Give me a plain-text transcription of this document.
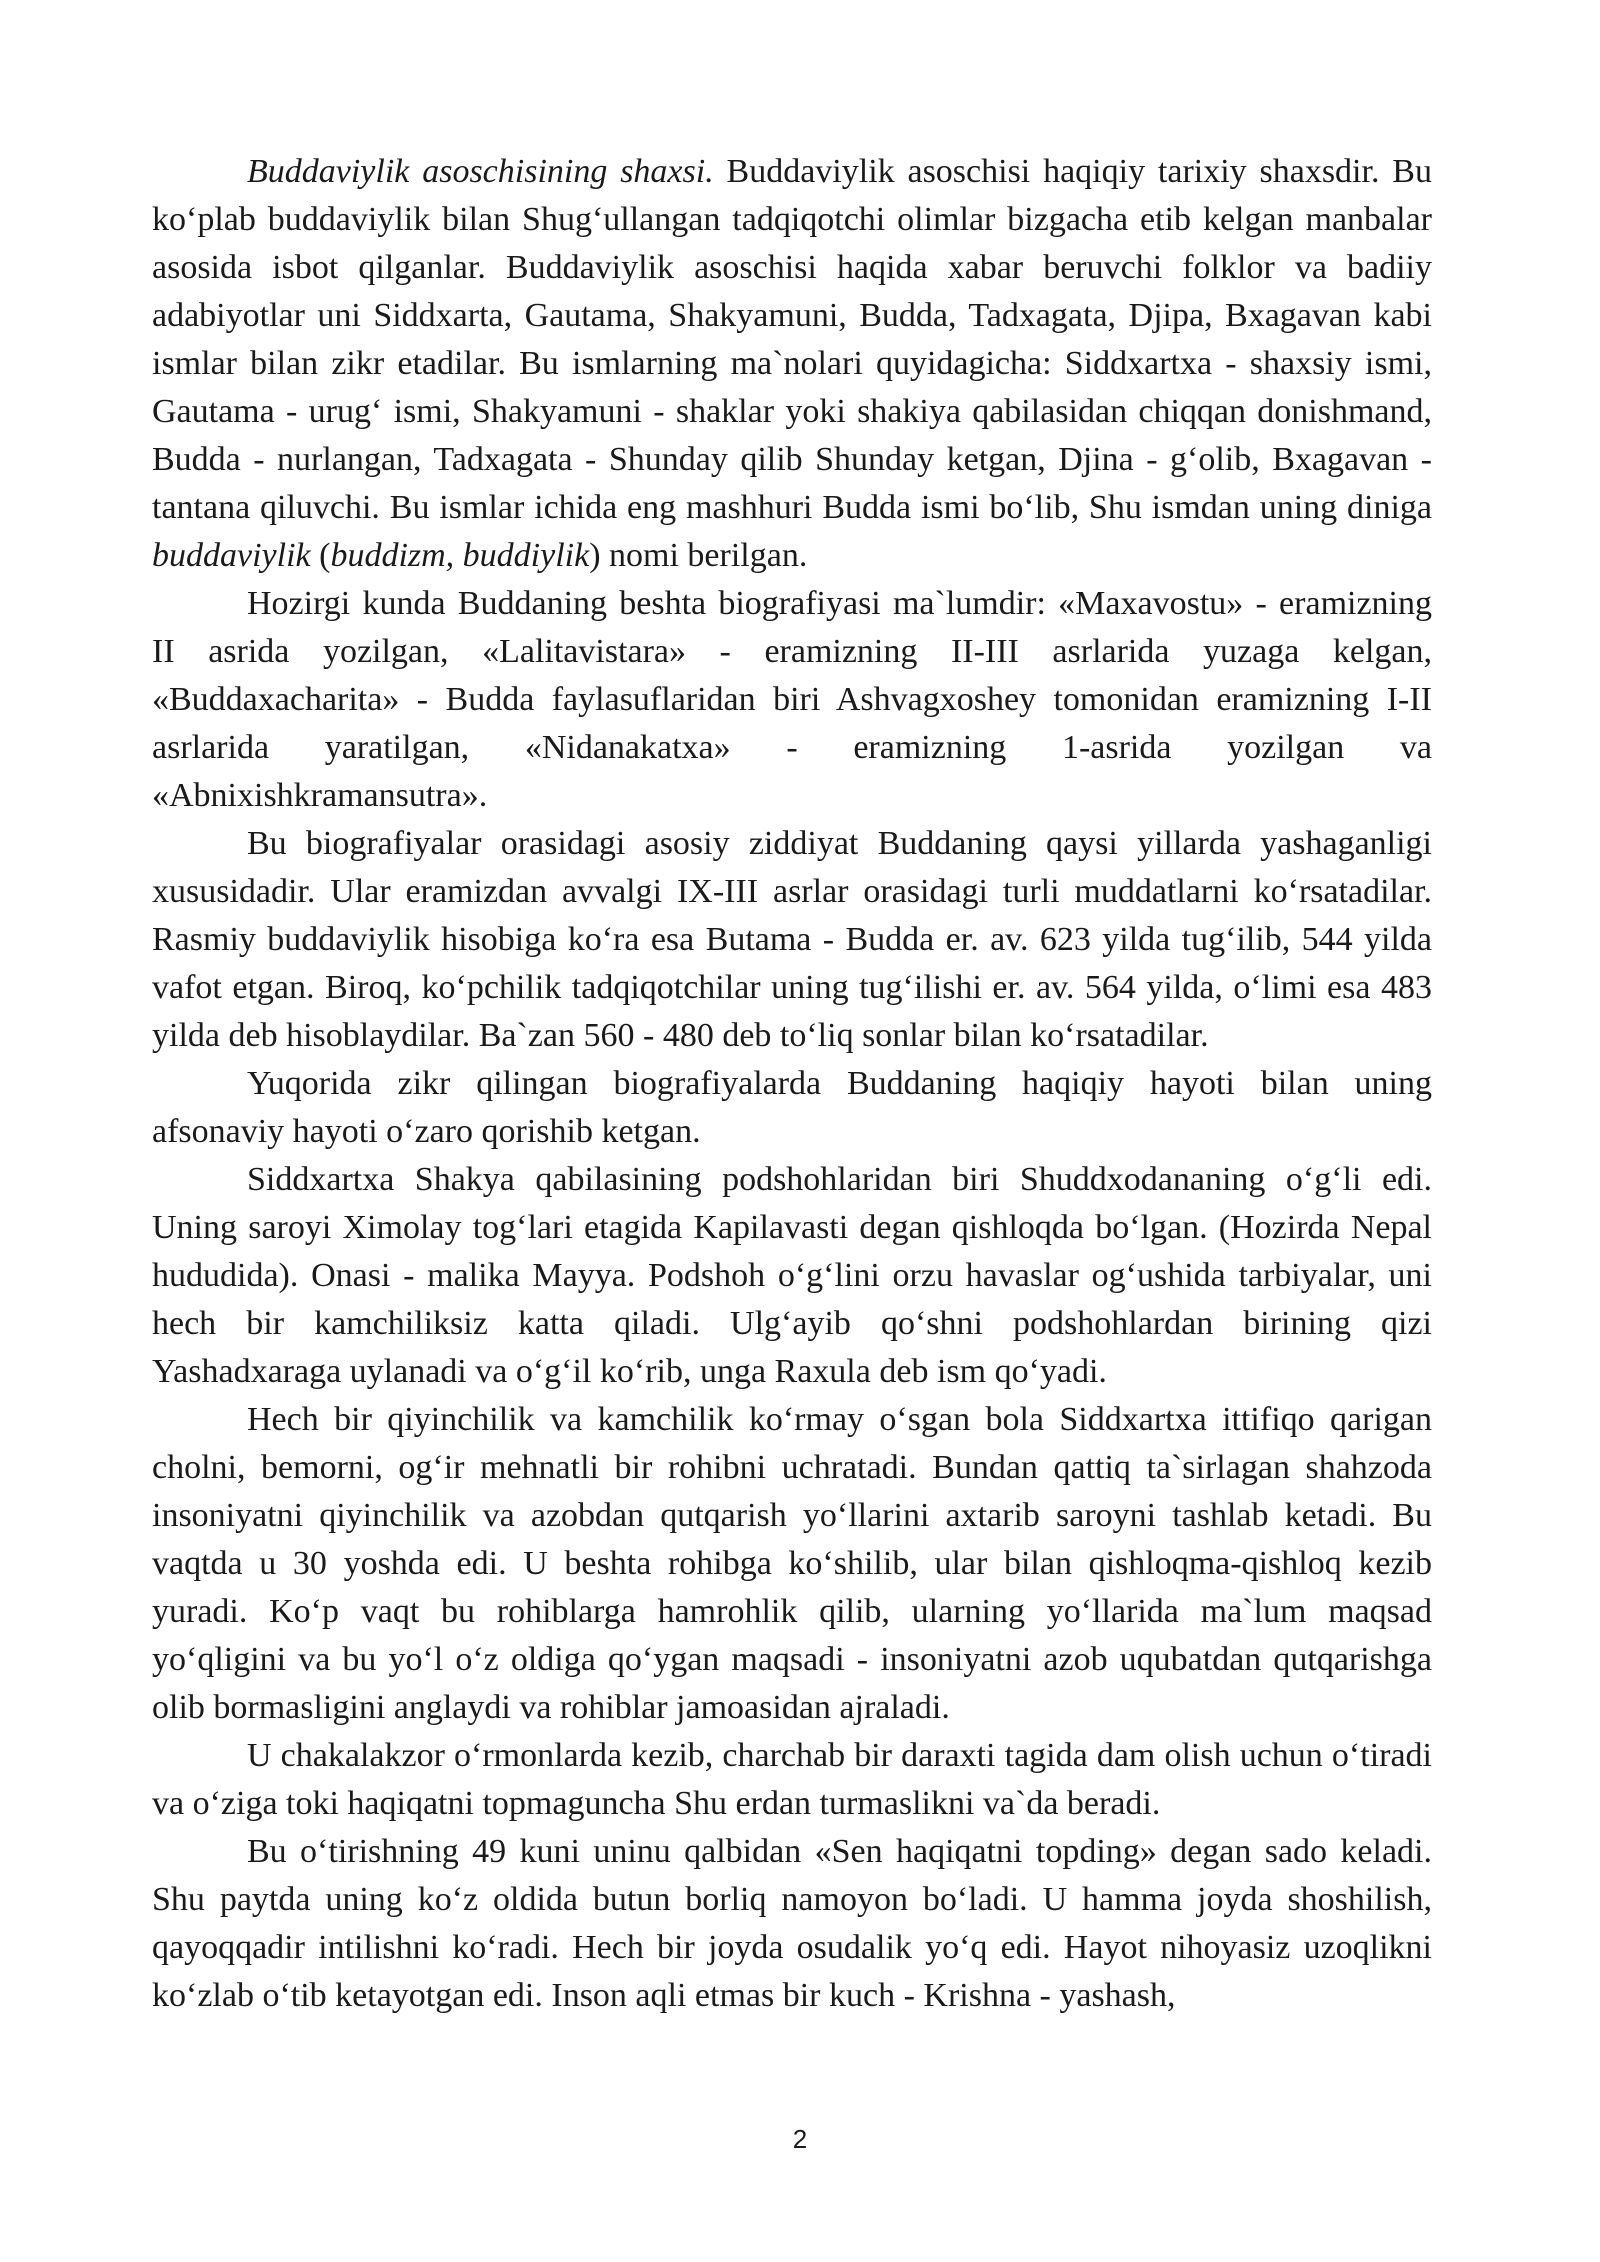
Buddaviylik asoschisining shaxsi. Buddaviylik asoschisi haqiqiy tarixiy shaxsdir. Bu ko‘plab buddaviylik bilan Shug‘ullangan tadqiqotchi olimlar bizgacha etib kelgan manbalar asosida isbot qilganlar. Buddaviylik asoschisi haqida xabar beruvchi folklor va badiiy adabiyotlar uni Siddxarta, Gautama, Shakyamuni, Budda, Tadxagata, Djipa, Bxagavan kabi ismlar bilan zikr etadilar. Bu ismlarning ma`nolari quyidagicha: Siddxartxa - shaxsiy ismi, Gautama - urug‘ ismi, Shakyamuni - shaklar yoki shakiya qabilasidan chiqqan donishmand, Budda - nurlangan, Tadxagata - Shunday qilib Shunday ketgan, Djina - g‘olib, Bxagavan - tantana qiluvchi. Bu ismlar ichida eng mashhuri Budda ismi bo‘lib, Shu ismdan uning diniga buddaviylik (buddizm, buddiylik) nomi berilgan.

Hozirgi kunda Buddaning beshta biografiyasi ma`lumdir: «Maxavostu» - eramizning II asrida yozilgan, «Lalitavistara» - eramizning II-III asrlarida yuzaga kelgan, «Buddaxacharita» - Budda faylasuflaridan biri Ashvagxoshey tomonidan eramizning I-II asrlarida yaratilgan, «Nidanakatxa» - eramizning 1-asrida yozilgan va «Abnixishkramansutra».

Bu biografiyalar orasidagi asosiy ziddiyat Buddaning qaysi yillarda yashaganligi xususidadir. Ular eramizdan avvalgi IX-III asrlar orasidagi turli muddatlarni ko‘rsatadilar. Rasmiy buddaviylik hisobiga ko‘ra esa Butama - Budda er. av. 623 yilda tug‘ilib, 544 yilda vafot etgan. Biroq, ko‘pchilik tadqiqotchilar uning tug‘ilishi er. av. 564 yilda, o‘limi esa 483 yilda deb hisoblaydilar. Ba`zan 560 - 480 deb to‘liq sonlar bilan ko‘rsatadilar.

Yuqorida zikr qilingan biografiyalarda Buddaning haqiqiy hayoti bilan uning afsonaviy hayoti o‘zaro qorishib ketgan.

Siddxartxa Shakya qabilasining podshohlaridan biri Shuddxodananing o‘g‘li edi. Uning saroyi Ximolay tog‘lari etagida Kapilavasti degan qishloqda bo‘lgan. (Hozirda Nepal hududida). Onasi - malika Mayya. Podshoh o‘g‘lini orzu havaslar og‘ushida tarbiyalar, uni hech bir kamchiliksiz katta qiladi. Ulg‘ayib qo‘shni podshohlardan birining qizi Yashadxaraga uylanadi va o‘g‘il ko‘rib, unga Raxula deb ism qo‘yadi.

Hech bir qiyinchilik va kamchilik ko‘rmay o‘sgan bola Siddxartxa ittifiqo qarigan cholni, bemorni, og‘ir mehnatli bir rohibni uchratadi. Bundan qattiq ta`sirlagan shahzoda insoniyatni qiyinchilik va azobdan qutqarish yo‘llarini axtarib saroyni tashlab ketadi. Bu vaqtda u 30 yoshda edi. U beshta rohibga ko‘shilib, ular bilan qishloqma-qishloq kezib yuradi. Ko‘p vaqt bu rohiblarga hamrohlik qilib, ularning yo‘llarida ma`lum maqsad yo‘qligini va bu yo‘l o‘z oldiga qo‘ygan maqsadi - insoniyatni azob uqubatdan qutqarishga olib bormasligini anglaydi va rohiblar jamoasidan ajraladi.

U chakalakzor o‘rmonlarda kezib, charchab bir daraxti tagida dam olish uchun o‘tiradi va o‘ziga toki haqiqatni topmaguncha Shu erdan turmaslikni va`da beradi.

Bu o‘tirishning 49 kuni uninu qalbidan «Sen haqiqatni topding» degan sado keladi. Shu paytda uning ko‘z oldida butun borliq namoyon bo‘ladi. U hamma joyda shoshilish, qayoqqadir intilishni ko‘radi. Hech bir joyda osudalik yo‘q edi. Hayot nihoyasiz uzoqlikni ko‘zlab o‘tib ketayotgan edi. Inson aqli etmas bir kuch - Krishna - yashash,

2
